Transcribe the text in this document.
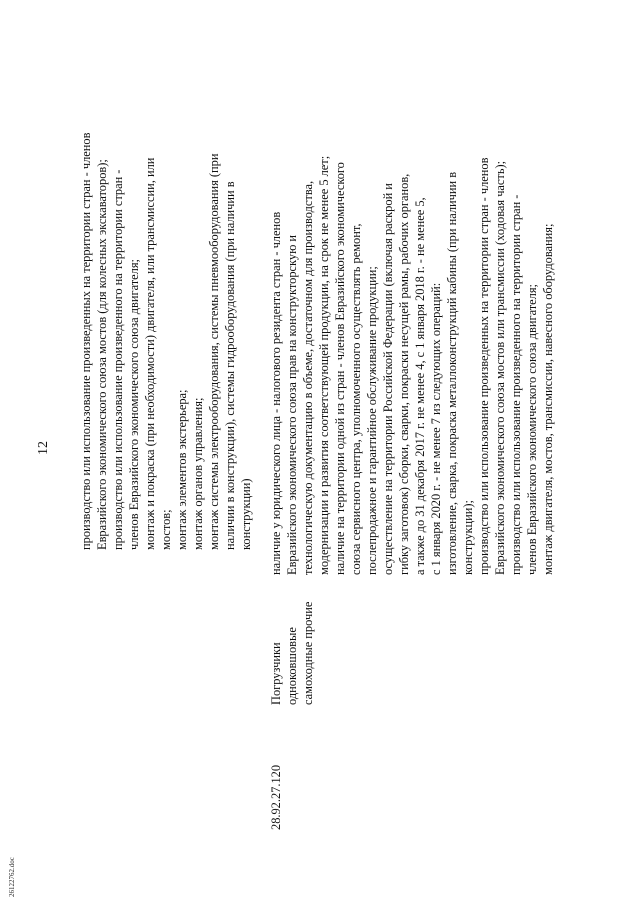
12
26122762.doc
производство или использование произведенных на территории стран - членов Евразийского экономического союза мостов (для колесных экскаваторов); производство или использование произведенного на территории стран - членов Евразийского экономического союза двигателя; монтаж и покраска (при необходимости) двигателя, или трансмиссии, или мостов; монтаж элементов экстерьера; монтаж органов управления; монтаж системы электрооборудования, системы пневмооборудования (при наличии в конструкции), системы гидрооборудования (при наличии в конструкции)
28.92.27.120
Погрузчики одноковшовые самоходные прочие
наличие у юридического лица - налогового резидента стран - членов Евразийского экономического союза прав на конструкторскую и технологическую документацию в объеме, достаточном для производства, модернизации и развития соответствующей продукции, на срок не менее 5 лет; наличие на территории одной из стран - членов Евразийского экономического союза сервисного центра, уполномоченного осуществлять ремонт, послепродажное и гарантийное обслуживание продукции; осуществление на территории Российской Федерации (включая раскрой и гибку заготовок) сборки, сварки, покраски несущей рамы, рабочих органов, а также до 31 декабря 2017 г. не менее 4, с 1 января 2018 г. - не менее 5, с 1 января 2020 г. - не менее 7 из следующих операций: изготовление, сварка, покраска металлоконструкций кабины (при наличии в конструкции); производство или использование произведенных на территории стран - членов Евразийского экономического союза мостов или трансмиссии (ходовая часть); производство или использование произведенного на территории стран - членов Евразийского экономического союза двигателя; монтаж двигателя, мостов, трансмиссии, навесного оборудования;
